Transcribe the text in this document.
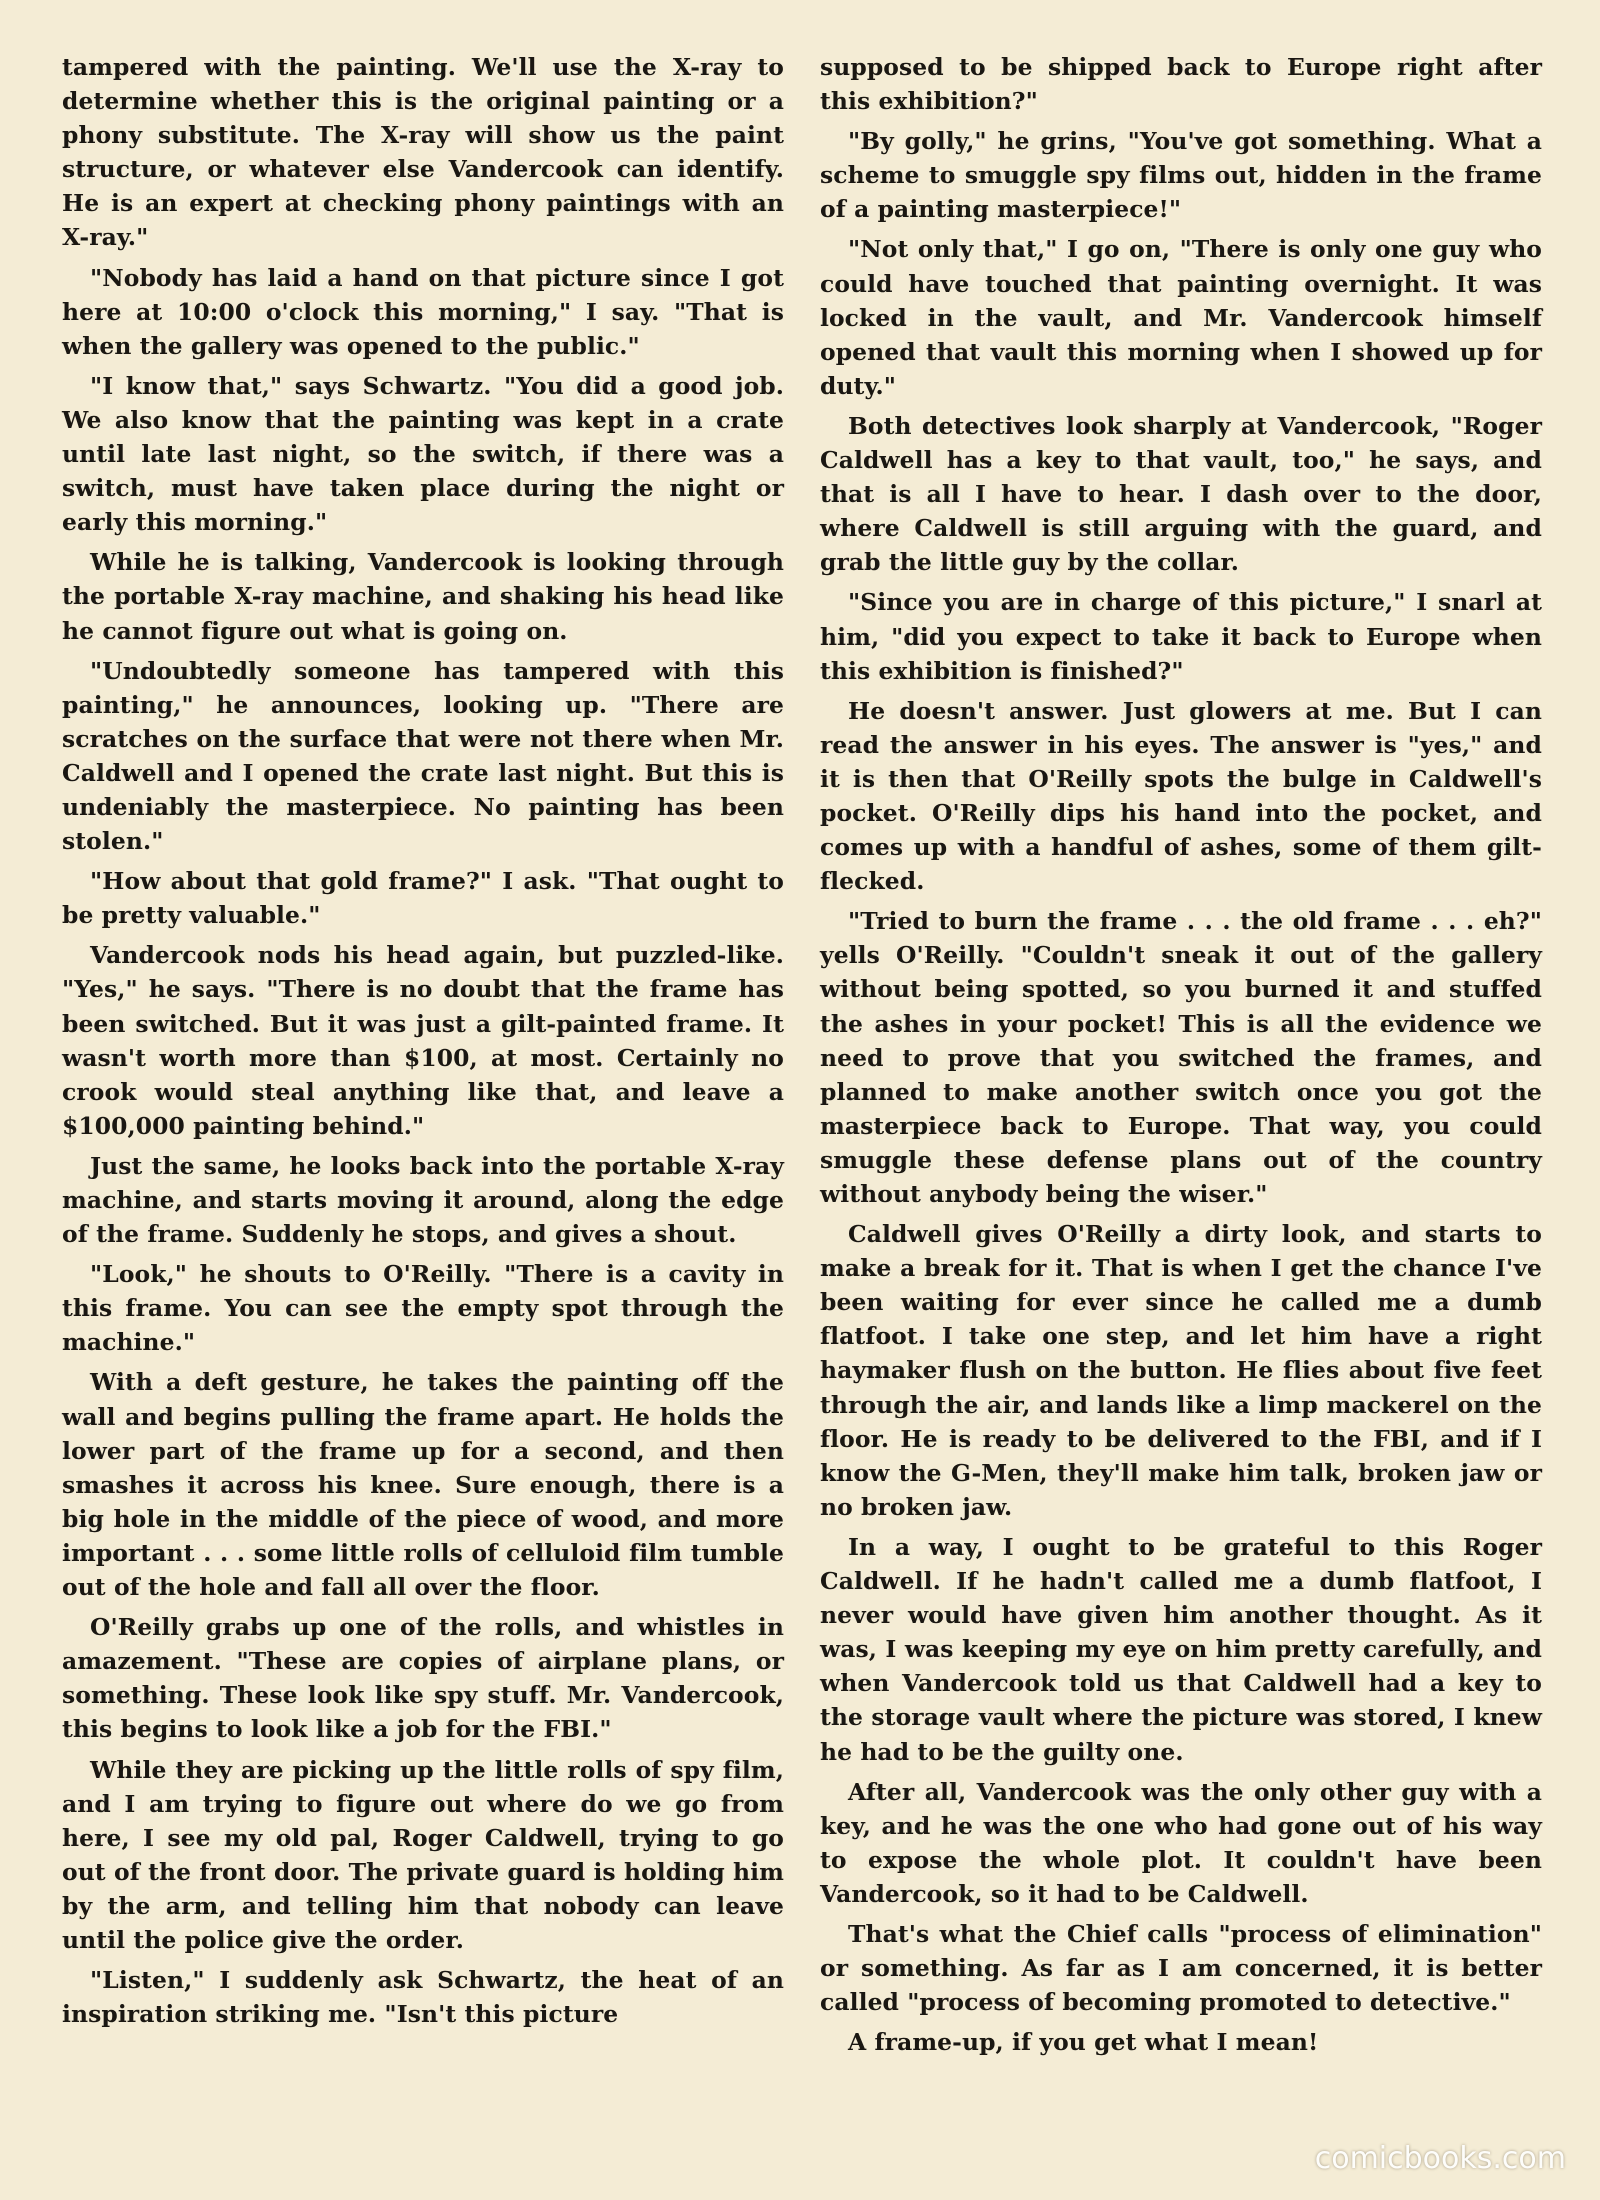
tampered with the painting. We'll use the X-ray to determine whether this is the original painting or a phony substitute. The X-ray will show us the paint structure, or whatever else Vandercook can identify. He is an expert at checking phony paintings with an X-ray."

"Nobody has laid a hand on that picture since I got here at 10:00 o'clock this morning," I say. "That is when the gallery was opened to the public."

"I know that," says Schwartz. "You did a good job. We also know that the painting was kept in a crate until late last night, so the switch, if there was a switch, must have taken place during the night or early this morning."

While he is talking, Vandercook is looking through the portable X-ray machine, and shaking his head like he cannot figure out what is going on.

"Undoubtedly someone has tampered with this painting," he announces, looking up. "There are scratches on the surface that were not there when Mr. Caldwell and I opened the crate last night. But this is undeniably the masterpiece. No painting has been stolen."

"How about that gold frame?" I ask. "That ought to be pretty valuable."

Vandercook nods his head again, but puzzled-like. "Yes," he says. "There is no doubt that the frame has been switched. But it was just a gilt-painted frame. It wasn't worth more than $100, at most. Certainly no crook would steal anything like that, and leave a $100,000 painting behind."

Just the same, he looks back into the portable X-ray machine, and starts moving it around, along the edge of the frame. Suddenly he stops, and gives a shout.

"Look," he shouts to O'Reilly. "There is a cavity in this frame. You can see the empty spot through the machine."

With a deft gesture, he takes the painting off the wall and begins pulling the frame apart. He holds the lower part of the frame up for a second, and then smashes it across his knee. Sure enough, there is a big hole in the middle of the piece of wood, and more important . . . some little rolls of celluloid film tumble out of the hole and fall all over the floor.

O'Reilly grabs up one of the rolls, and whistles in amazement. "These are copies of airplane plans, or something. These look like spy stuff. Mr. Vandercook, this begins to look like a job for the FBI."

While they are picking up the little rolls of spy film, and I am trying to figure out where do we go from here, I see my old pal, Roger Caldwell, trying to go out of the front door. The private guard is holding him by the arm, and telling him that nobody can leave until the police give the order.

"Listen," I suddenly ask Schwartz, the heat of an inspiration striking me. "Isn't this picture

supposed to be shipped back to Europe right after this exhibition?"

"By golly," he grins, "You've got something. What a scheme to smuggle spy films out, hidden in the frame of a painting masterpiece!"

"Not only that," I go on, "There is only one guy who could have touched that painting overnight. It was locked in the vault, and Mr. Vandercook himself opened that vault this morning when I showed up for duty."

Both detectives look sharply at Vandercook, "Roger Caldwell has a key to that vault, too," he says, and that is all I have to hear. I dash over to the door, where Caldwell is still arguing with the guard, and grab the little guy by the collar.

"Since you are in charge of this picture," I snarl at him, "did you expect to take it back to Europe when this exhibition is finished?"

He doesn't answer. Just glowers at me. But I can read the answer in his eyes. The answer is "yes," and it is then that O'Reilly spots the bulge in Caldwell's pocket. O'Reilly dips his hand into the pocket, and comes up with a handful of ashes, some of them gilt-flecked.

"Tried to burn the frame . . . the old frame . . . eh?" yells O'Reilly. "Couldn't sneak it out of the gallery without being spotted, so you burned it and stuffed the ashes in your pocket! This is all the evidence we need to prove that you switched the frames, and planned to make another switch once you got the masterpiece back to Europe. That way, you could smuggle these defense plans out of the country without anybody being the wiser."

Caldwell gives O'Reilly a dirty look, and starts to make a break for it. That is when I get the chance I've been waiting for ever since he called me a dumb flatfoot. I take one step, and let him have a right haymaker flush on the button. He flies about five feet through the air, and lands like a limp mackerel on the floor. He is ready to be delivered to the FBI, and if I know the G-Men, they'll make him talk, broken jaw or no broken jaw.

In a way, I ought to be grateful to this Roger Caldwell. If he hadn't called me a dumb flatfoot, I never would have given him another thought. As it was, I was keeping my eye on him pretty carefully, and when Vandercook told us that Caldwell had a key to the storage vault where the picture was stored, I knew he had to be the guilty one.

After all, Vandercook was the only other guy with a key, and he was the one who had gone out of his way to expose the whole plot. It couldn't have been Vandercook, so it had to be Caldwell.

That's what the Chief calls "process of elimination" or something. As far as I am concerned, it is better called "process of becoming promoted to detective."

A frame-up, if you get what I mean!

comicbooks.com
